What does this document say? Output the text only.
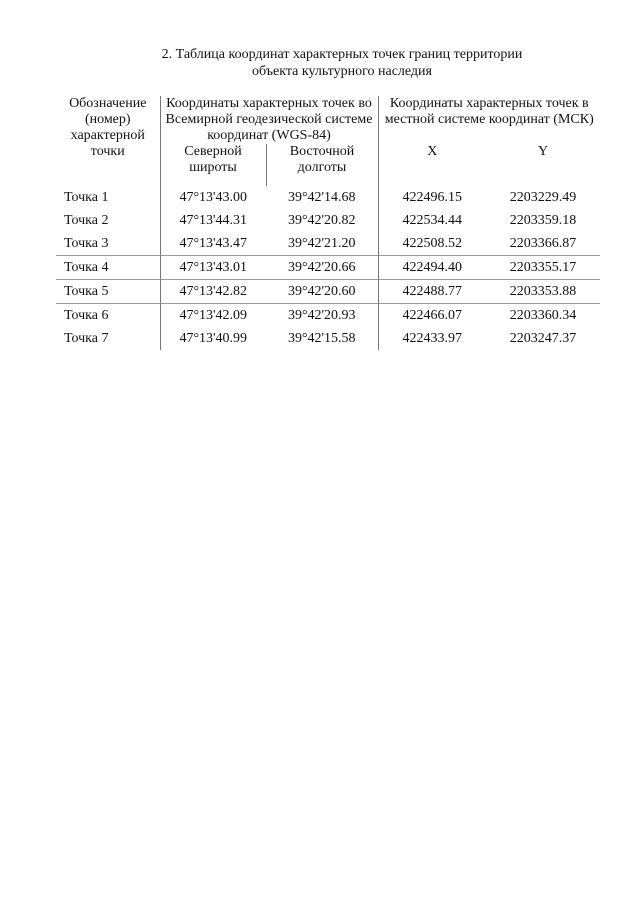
2. Таблица координат характерных точек границ территории
объекта культурного наследия
Обозначение (номер) характерной точки	Координаты характерных точек во Всемирной геодезической системе координат (WGS-84)		Координаты характерных точек в местной системе координат (МСК)	
	Северной широты	Восточной долготы	X	Y
Точка 1	47°13'43.00	39°42'14.68	422496.15	2203229.49
Точка 2	47°13'44.31	39°42'20.82	422534.44	2203359.18
Точка 3	47°13'43.47	39°42'21.20	422508.52	2203366.87
Точка 4	47°13'43.01	39°42'20.66	422494.40	2203355.17
Точка 5	47°13'42.82	39°42'20.60	422488.77	2203353.88
Точка 6	47°13'42.09	39°42'20.93	422466.07	2203360.34
Точка 7	47°13'40.99	39°42'15.58	422433.97	2203247.37
